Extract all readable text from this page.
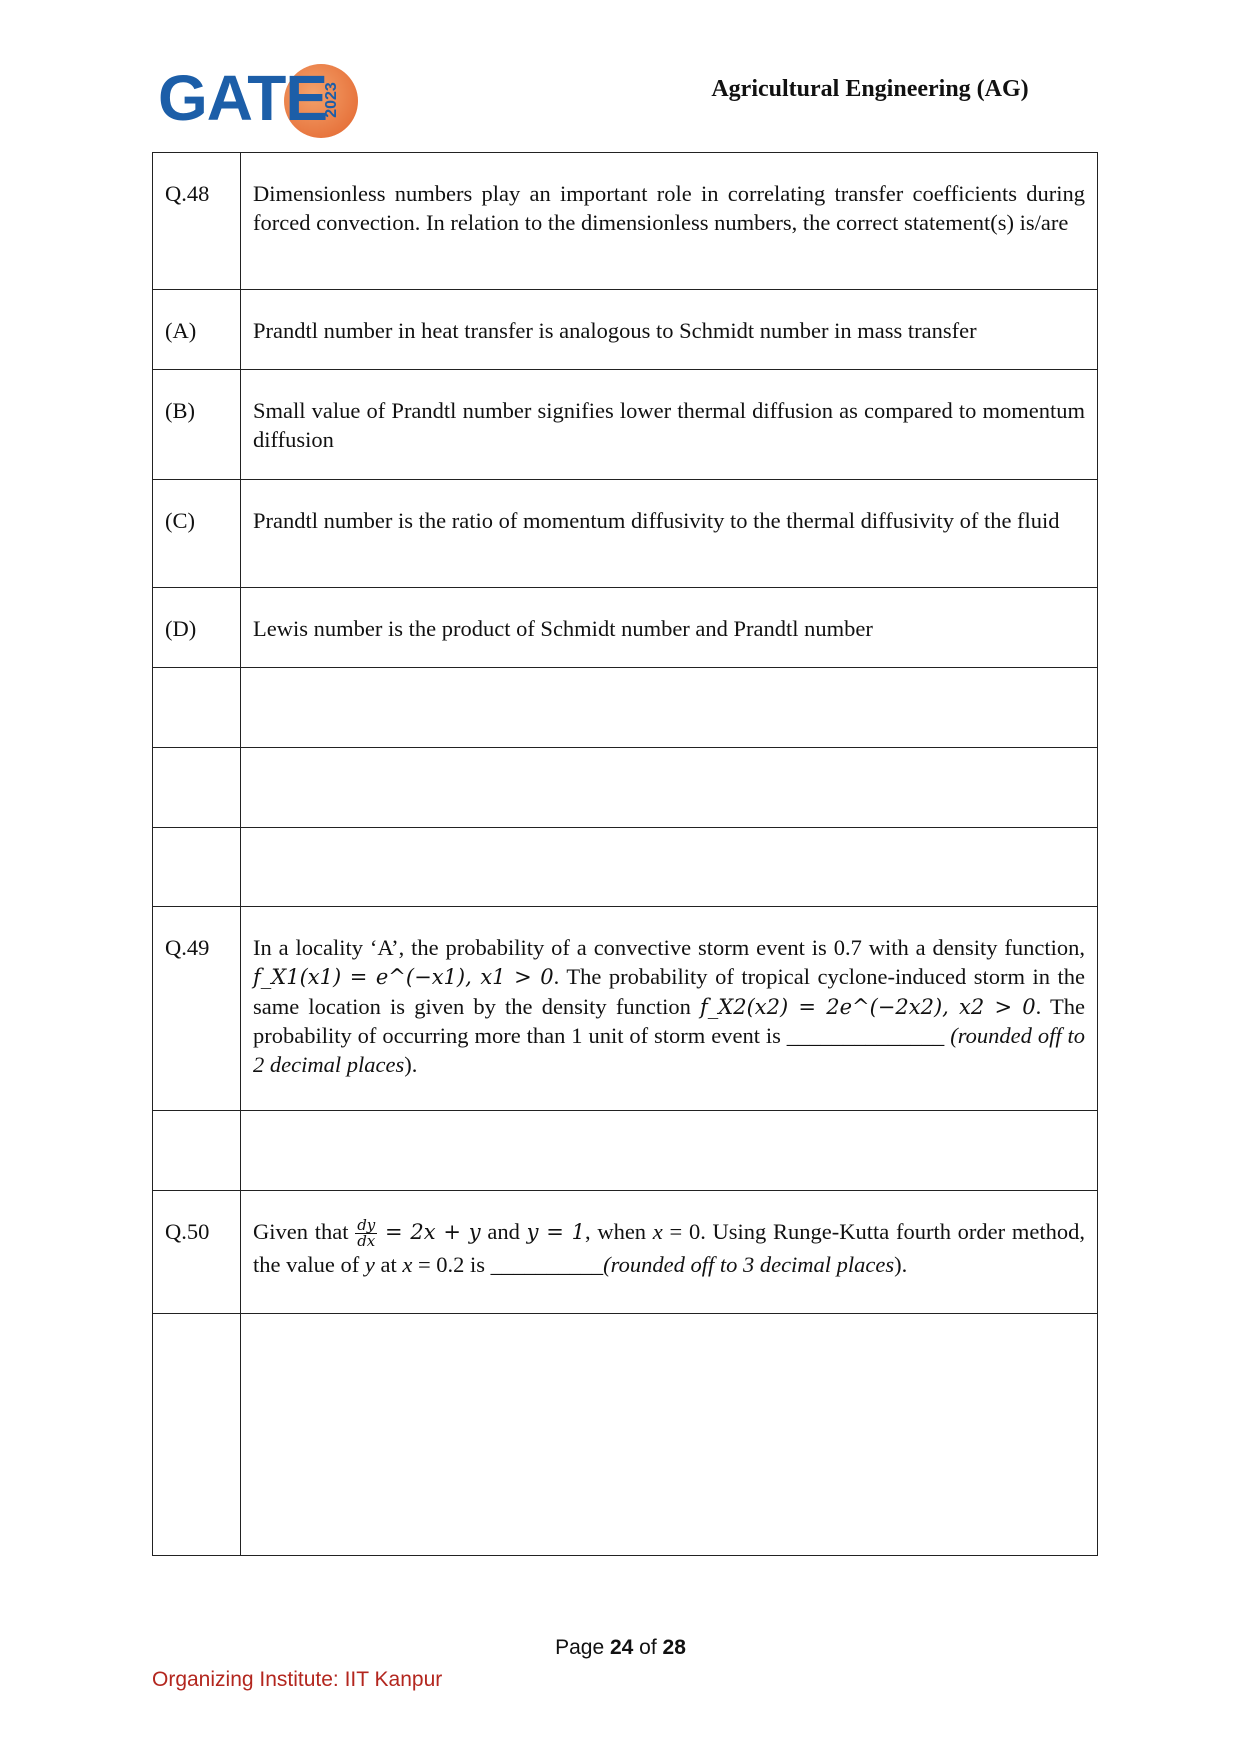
GATE
2023	Agricultural Engineering (AG)
Q.48	Dimensionless numbers play an important role in correlating transfer coefficients during forced convection. In relation to the dimensionless numbers, the correct statement(s) is/are
(A)	Prandtl number in heat transfer is analogous to Schmidt number in mass transfer
(B)	Small value of Prandtl number signifies lower thermal diffusion as compared to momentum diffusion
(C)	Prandtl number is the ratio of momentum diffusivity to the thermal diffusivity of the fluid
(D)	Lewis number is the product of Schmidt number and Prandtl number

Q.49	In a locality ‘A’, the probability of a convective storm event is 0.7 with a density function, f_X1(x1) = e^(−x1), x1 > 0. The probability of tropical cyclone-induced storm in the same location is given by the density function f_X2(x2) = 2e^(−2x2), x2 > 0. The probability of occurring more than 1 unit of storm event is ______________ (rounded off to 2 decimal places).

Q.50	Given that $\frac{dy}{dx} = 2x + y$ and y = 1, when x = 0. Using Runge-Kutta fourth order method, the value of y at x = 0.2 is __________(rounded off to 3 decimal places).

Page 24 of 28
Organizing Institute: IIT Kanpur
